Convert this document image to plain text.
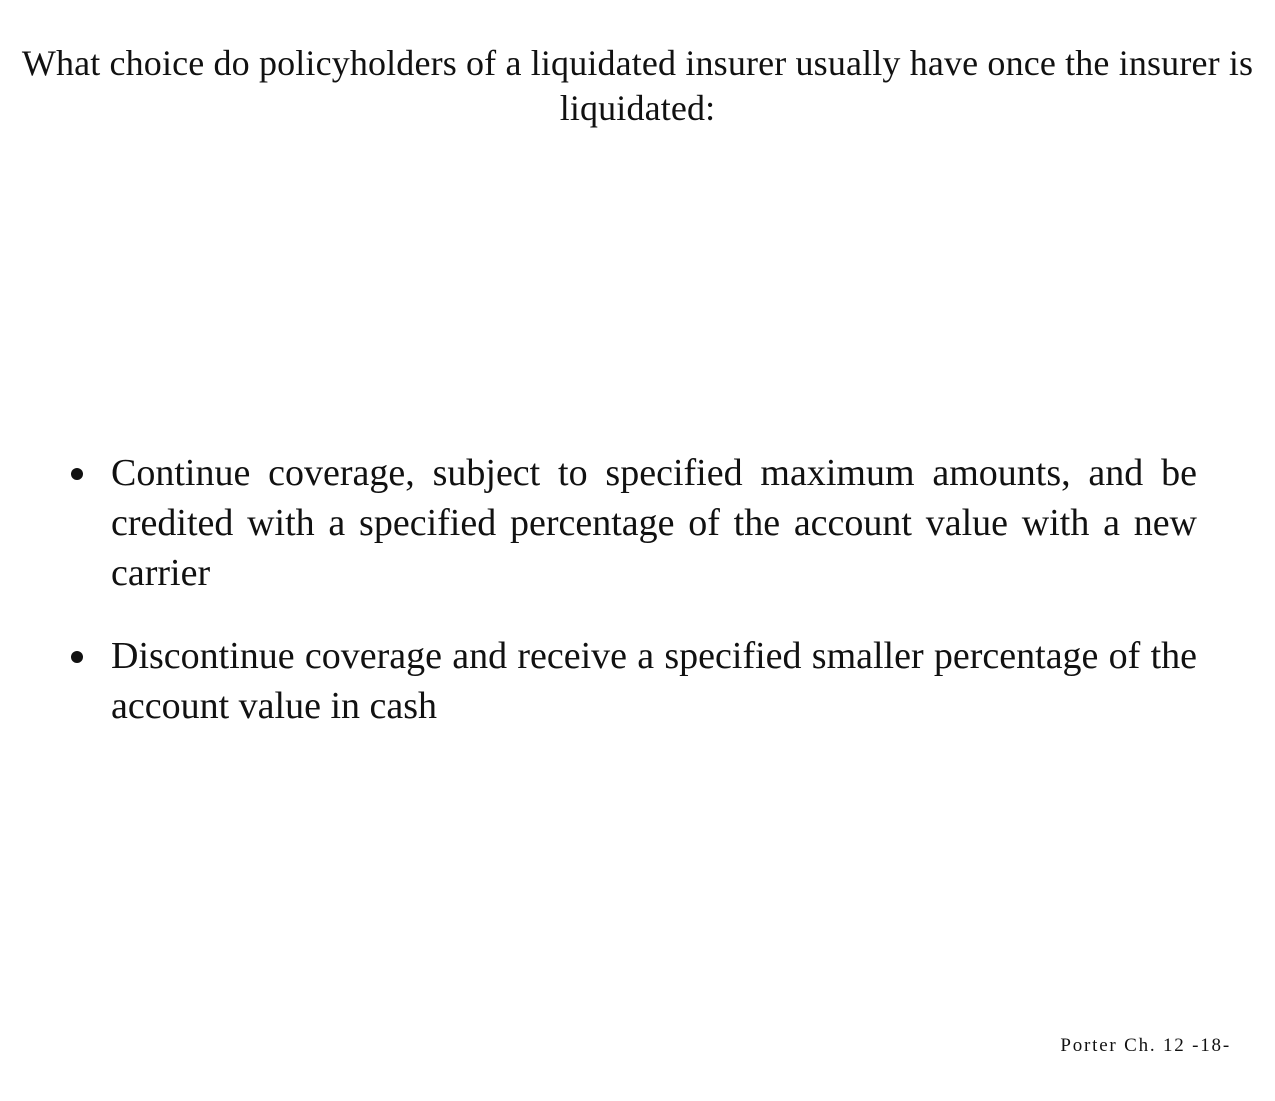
What choice do policyholders of a liquidated insurer usually have once the insurer is liquidated:
Continue coverage, subject to specified maximum amounts, and be credited with a specified percentage of the account value with a new carrier
Discontinue coverage and receive a specified smaller percentage of the account value in cash
Porter Ch. 12 -18-
